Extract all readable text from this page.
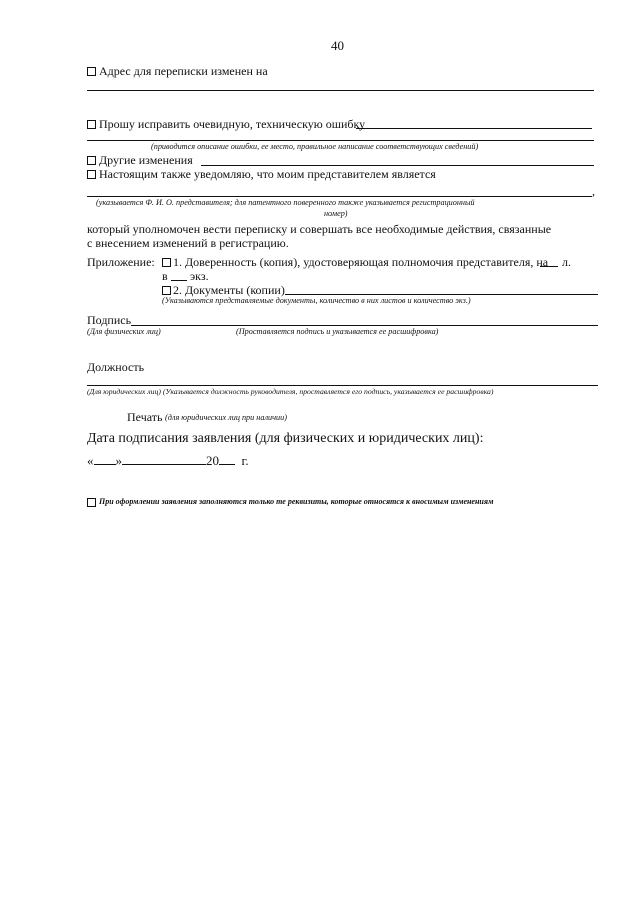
40
Адрес для переписки изменен на
Прошу исправить очевидную, техническую ошибку
(приводится описание ошибки, ее место, правильное написание соответствующих сведений)
Другие изменения
Настоящим также уведомляю, что моим представителем является
,
(указывается Ф. И. О. представителя; для патентного поверенного также указывается регистрационный
номер)
который уполномочен вести переписку и совершать все необходимые действия, связанные
с внесением изменений в регистрацию.
Приложение: 1. Доверенность (копия), удостоверяющая полномочия представителя, на л.
в экз.
2. Документы (копии)
(Указываются представляемые документы, количество в них листов и количество экз.)
Подпись
(Для физических лиц)	(Проставляется подпись и указывается ее расшифровка)
Должность
(Для юридических лиц) (Указывается должность руководителя, проставляется его подпись, указывается ее расшифровка)
Печать (для юридических лиц при наличии)
Дата подписания заявления (для физических и юридических лиц):
« »	20 г.
При оформлении заявления заполняются только те реквизиты, которые относятся к вносимым изменениям
